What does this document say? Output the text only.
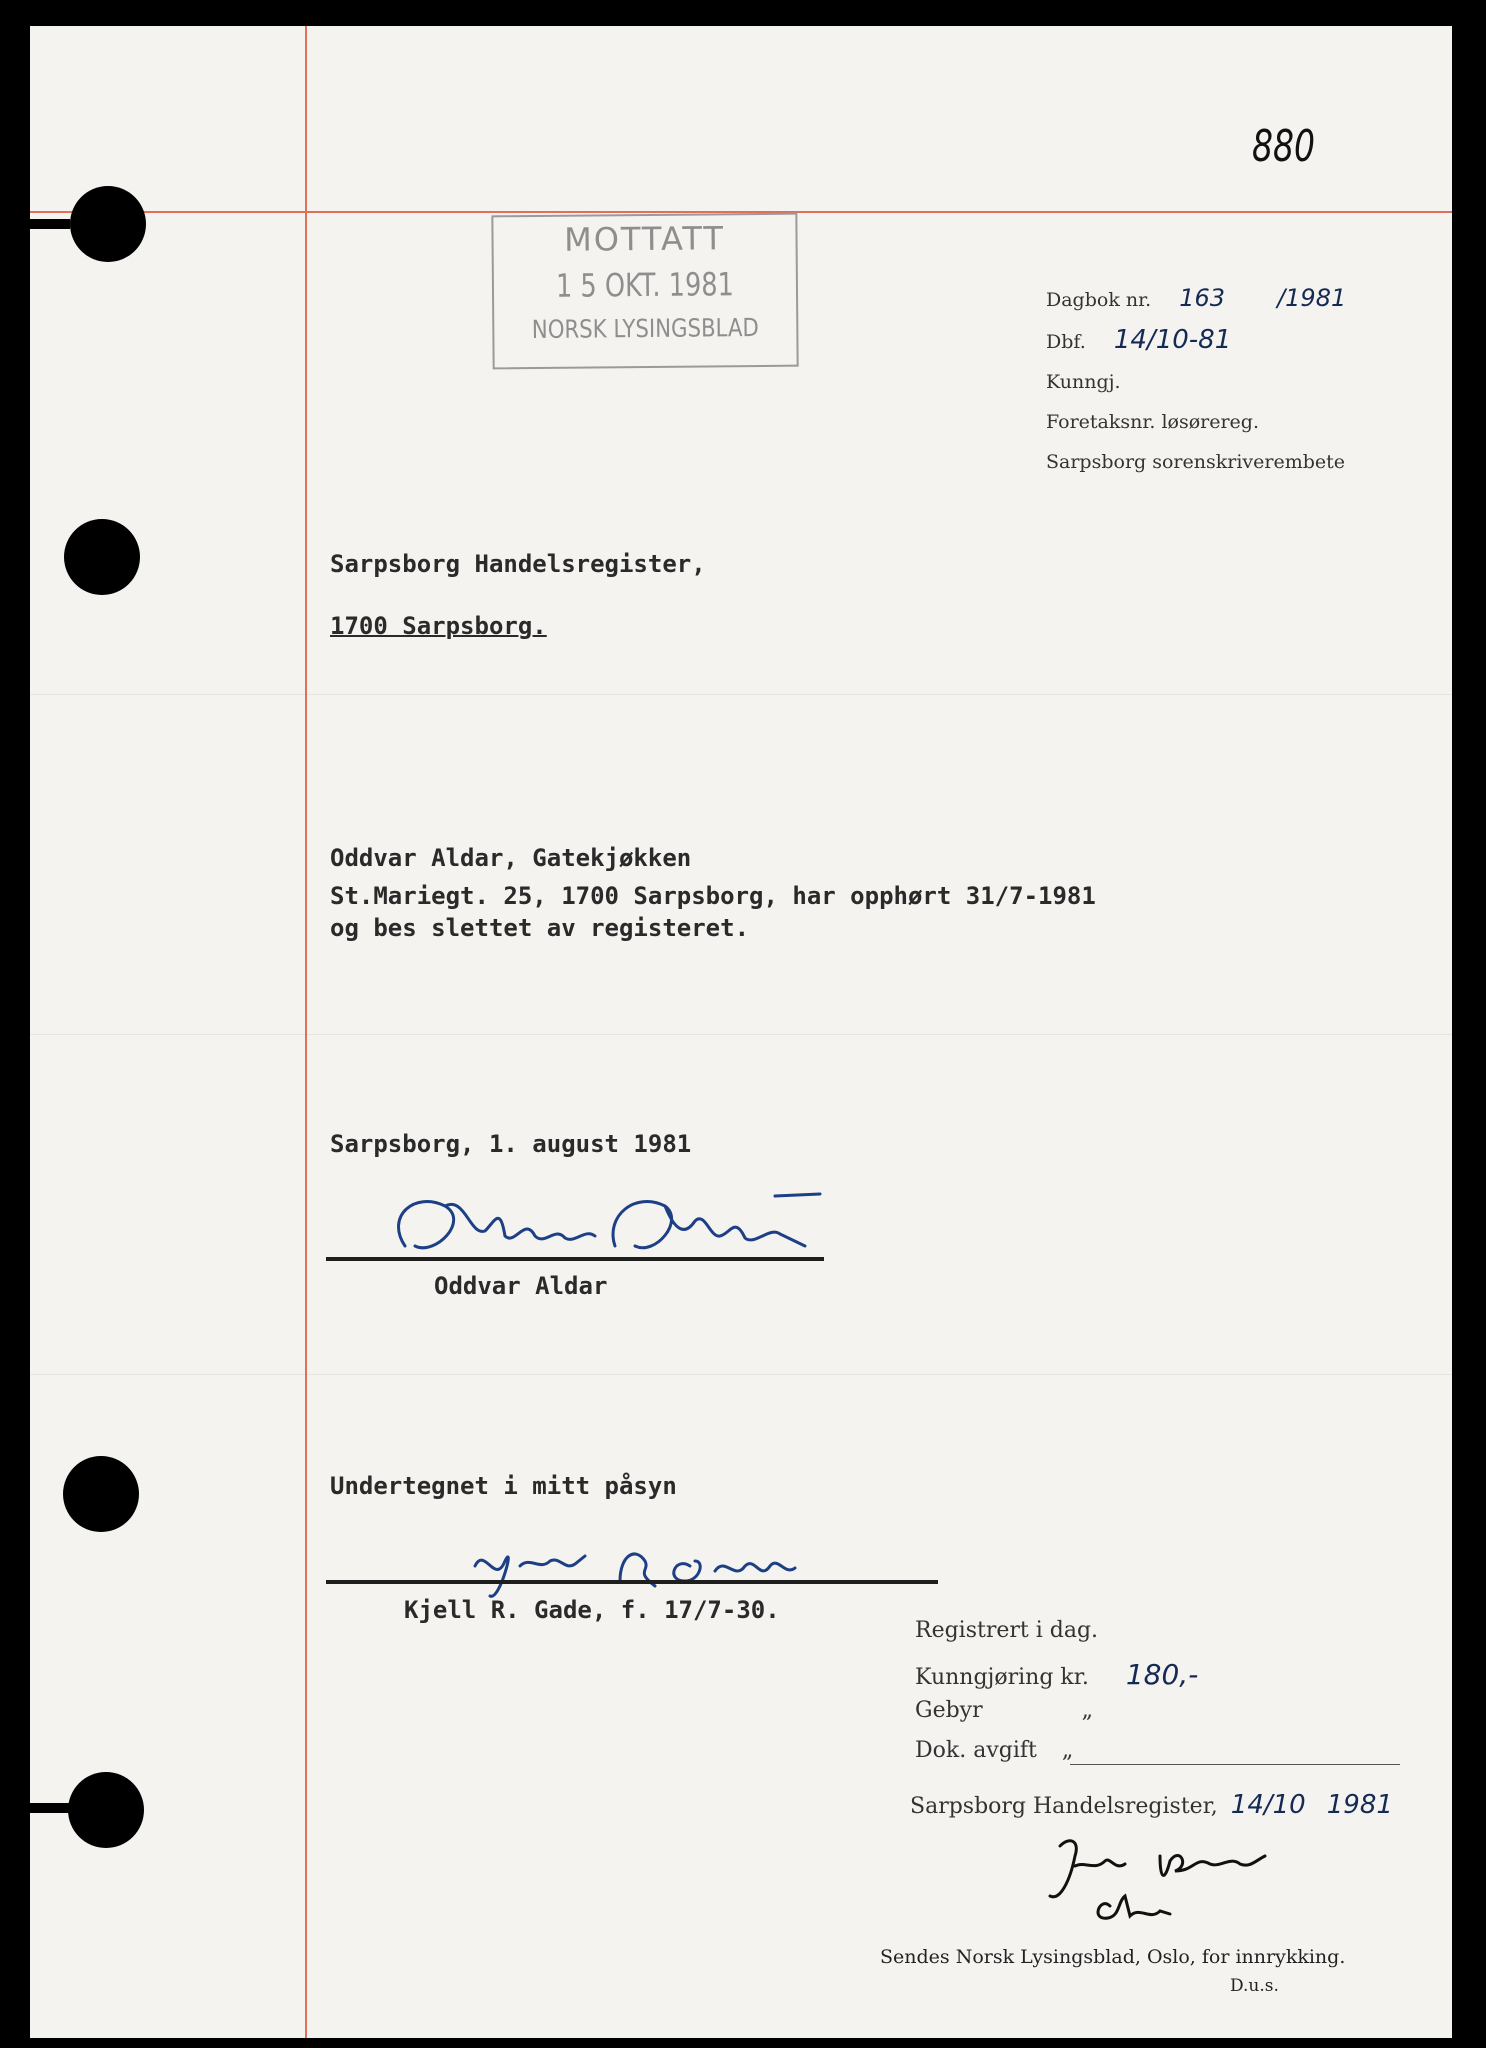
880
MOTTATT
1 5 OKT. 1981
NORSK LYSINGSBLAD
Dagbok nr. 163 /1981
Dbf. 14/10-81
Kunngj.
Foretaksnr. løsørereg.
Sarpsborg sorenskriverembete
Sarpsborg Handelsregister,
1700 Sarpsborg.
Oddvar Aldar, Gatekjøkken
St.Mariegt. 25, 1700 Sarpsborg, har opphørt 31/7-1981
og bes slettet av registeret.
Sarpsborg, 1. august 1981
Oddvar Aldar
Undertegnet i mitt påsyn
Kjell R. Gade, f. 17/7-30.
Registrert i dag.
Kunngjøring kr. 180,-
Gebyr	„
Dok. avgift „
Sarpsborg Handelsregister, 14/10 1981
Sendes Norsk Lysingsblad, Oslo, for innrykking.
D.u.s.
